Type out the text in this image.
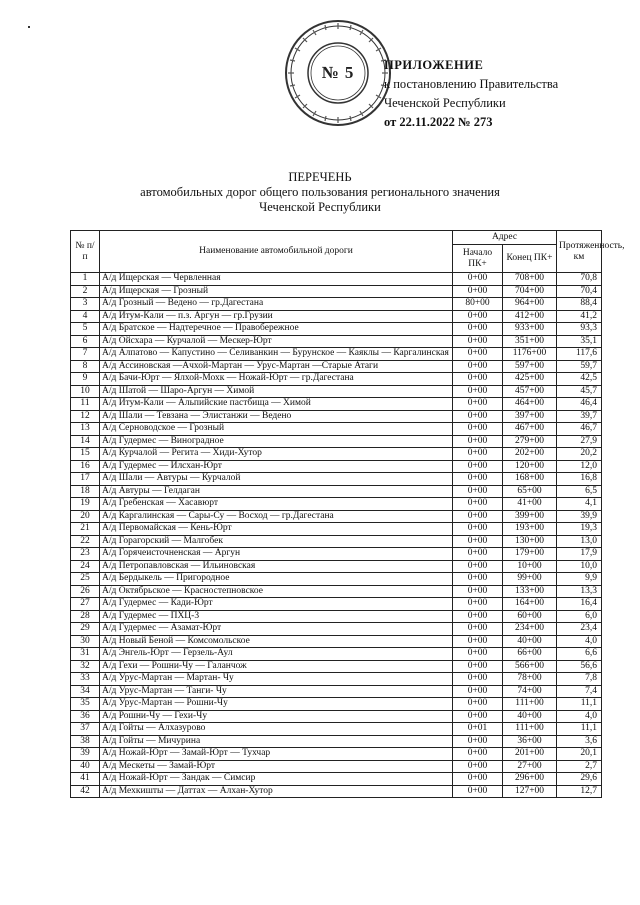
№ 5	ПРИЛОЖЕНИЕ
к постановлению Правительства
Чеченской Республики
от 22.11.2022 № 273
ПЕРЕЧЕНЬ
автомобильных дорог общего пользования регионального значения
Чеченской Республики
№ п/п	Наименование автомобильной дороги	Адрес		Протяженность, км
		Начало ПК+	Конец ПК+	
1	А/д Ищерская — Червленная	0+00	708+00	70,8
2	А/д Ищерская — Грозный	0+00	704+00	70,4
3	А/д Грозный — Ведено — гр.Дагестана	80+00	964+00	88,4
4	А/д Итум-Кали — п.з. Аргун — гр.Грузии	0+00	412+00	41,2
5	А/д Братское — Надтеречное — Правобережное	0+00	933+00	93,3
6	А/д Ойсхара — Курчалой — Мескер-Юрт	0+00	351+00	35,1
7	А/д Алпатово — Капустино — Селиванкин — Бурунское — Каяклы — Каргалинская	0+00	1176+00	117,6
8	А/д Ассиновская —Ачхой-Мартан — Урус-Мартан —Старые Атаги	0+00	597+00	59,7
9	А/д Бачи-Юрт — Ялхой-Мохк — Ножай-Юрт — гр.Дагестана	0+00	425+00	42,5
10	А/д Шатой — Шаро-Аргун — Химой	0+00	457+00	45,7
11	А/д Итум-Кали — Альпийские пастбища — Химой	0+00	464+00	46,4
12	А/д Шали — Тевзана — Элистанжи — Ведено	0+00	397+00	39,7
13	А/д Серноводское — Грозный	0+00	467+00	46,7
14	А/д Гудермес — Виноградное	0+00	279+00	27,9
15	А/д Курчалой — Регита — Хиди-Хутор	0+00	202+00	20,2
16	А/д Гудермес — Илсхан-Юрт	0+00	120+00	12,0
17	А/д Шали — Автуры — Курчалой	0+00	168+00	16,8
18	А/д Автуры — Гелдаган	0+00	65+00	6,5
19	А/д Гребенская — Хасавюрт	0+00	41+00	4,1
20	А/д Каргалинская — Сары-Су — Восход — гр.Дагестана	0+00	399+00	39,9
21	А/д Первомайская — Кень-Юрт	0+00	193+00	19,3
22	А/д Горагорский — Малгобек	0+00	130+00	13,0
23	А/д Горячеисточненская — Аргун	0+00	179+00	17,9
24	А/д Петропавловская — Ильиновская	0+00	10+00	10,0
25	А/д Бердыкель — Пригородное	0+00	99+00	9,9
26	А/д Октябрьское — Красностепновское	0+00	133+00	13,3
27	А/д Гудермес — Кади-Юрт	0+00	164+00	16,4
28	А/д Гудермес — ПХЦ-3	0+00	60+00	6,0
29	А/д Гудермес — Азамат-Юрт	0+00	234+00	23,4
30	А/д Новый Беной — Комсомольское	0+00	40+00	4,0
31	А/д Энгель-Юрт — Герзель-Аул	0+00	66+00	6,6
32	А/д Гехи — Рошни-Чу — Галанчож	0+00	566+00	56,6
33	А/д Урус-Мартан — Мартан- Чу	0+00	78+00	7,8
34	А/д Урус-Мартан — Танги- Чу	0+00	74+00	7,4
35	А/д Урус-Мартан — Рошни-Чу	0+00	111+00	11,1
36	А/д Рошни-Чу — Гехи-Чу	0+00	40+00	4,0
37	А/д Гойты — Алхазурово	0+01	111+00	11,1
38	А/д Гойты — Мичурина	0+00	36+00	3,6
39	А/д Ножай-Юрт — Замай-Юрт — Тухчар	0+00	201+00	20,1
40	А/д Мескеты — Замай-Юрт	0+00	27+00	2,7
41	А/д Ножай-Юрт — Зандак — Симсир	0+00	296+00	29,6
42	А/д Мехкишты — Даттах — Алхан-Хутор	0+00	127+00	12,7
